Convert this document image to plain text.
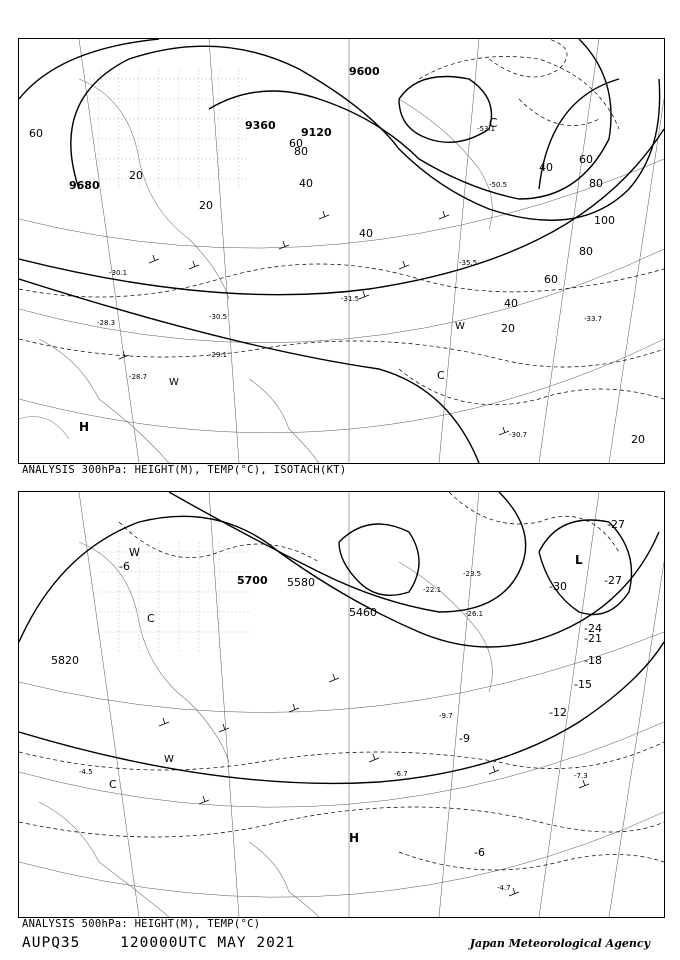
60
20
20
60
80
40
40
40
60
80
100
80
60
40
20
20
9680
9360
9120
9600
-30.1
-30.5
-29.1
-28.3
-31.5
-30.7
-33.7
-35.5
-50.5
-53.1
-28.7
H
C
C
W
W
ANALYSIS 300hPa: HEIGHT(M), TEMP(°C), ISOTACH(KT)
5820
5700 5580
5460
-6
-9
-12
-15
-18
-21
-24
-27
-27
-30
-6
-7.3
-4.7
-6.7
-4.5
-22.1
-23.5
-26.1
-9.7
H
L
C
C
W
W
ANALYSIS 500hPa: HEIGHT(M), TEMP(°C)
AUPQ35	120000UTC MAY 2021	Japan Meteorological Agency
